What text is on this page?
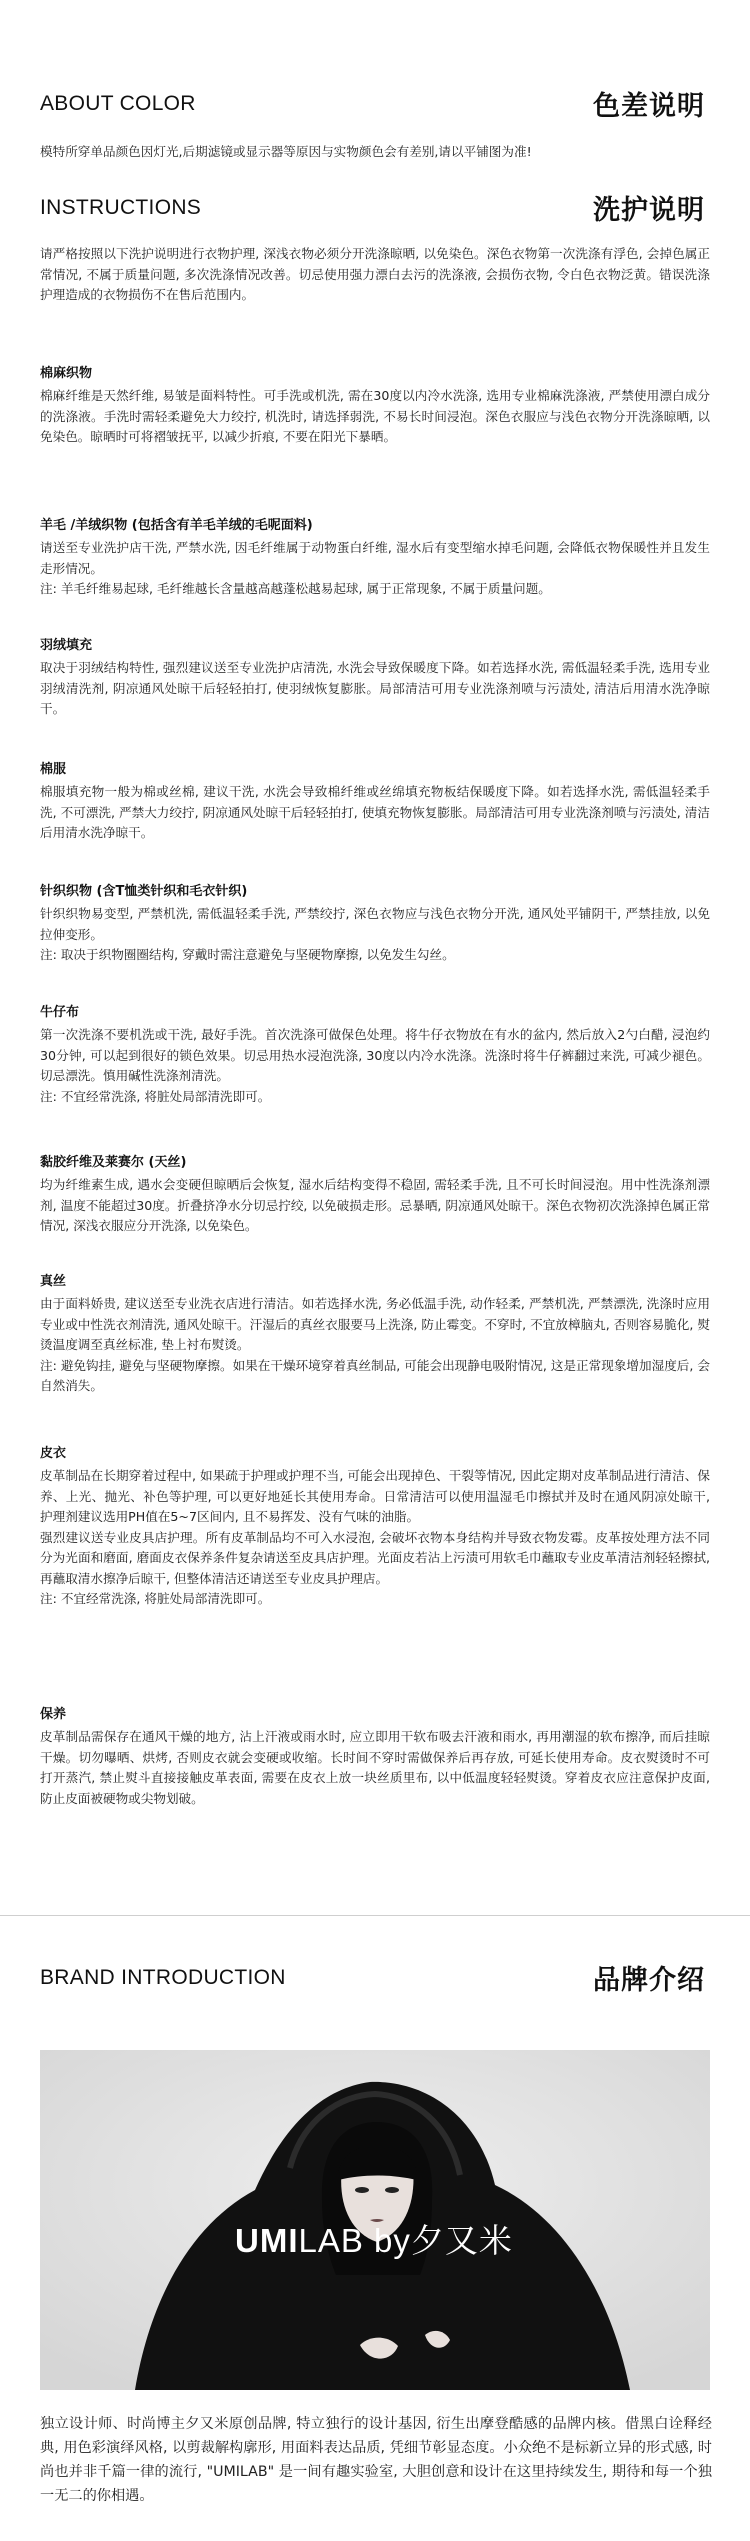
ABOUT COLOR	色差说明

模特所穿单品颜色因灯光,后期滤镜或显示器等原因与实物颜色会有差别,请以平铺图为准!

INSTRUCTIONS	洗护说明

请严格按照以下洗护说明进行衣物护理, 深浅衣物必须分开洗涤晾晒, 以免染色。深色衣物第一次洗涤有浮色, 会掉色属正常情况, 不属于质量问题, 多次洗涤情况改善。切忌使用强力漂白去污的洗涤液, 会损伤衣物, 令白色衣物泛黄。错误洗涤护理造成的衣物损伤不在售后范围内。

棉麻织物

棉麻纤维是天然纤维, 易皱是面料特性。可手洗或机洗, 需在30度以内冷水洗涤, 选用专业棉麻洗涤液, 严禁使用漂白成分的洗涤液。手洗时需轻柔避免大力绞拧, 机洗时, 请选择弱洗, 不易长时间浸泡。深色衣服应与浅色衣物分开洗涤晾晒, 以免染色。晾晒时可将褶皱抚平, 以减少折痕, 不要在阳光下暴晒。

羊毛 /羊绒织物 (包括含有羊毛羊绒的毛呢面料)

请送至专业洗护店干洗, 严禁水洗, 因毛纤维属于动物蛋白纤维, 湿水后有变型缩水掉毛问题, 会降低衣物保暖性并且发生走形情况。
注: 羊毛纤维易起球, 毛纤维越长含量越高越蓬松越易起球, 属于正常现象, 不属于质量问题。

羽绒填充

取决于羽绒结构特性, 强烈建议送至专业洗护店清洗, 水洗会导致保暖度下降。如若选择水洗, 需低温轻柔手洗, 选用专业羽绒清洗剂, 阴凉通风处晾干后轻轻拍打, 使羽绒恢复膨胀。局部清洁可用专业洗涤剂喷与污渍处, 清洁后用清水洗净晾干。

棉服

棉服填充物一般为棉或丝棉, 建议干洗, 水洗会导致棉纤维或丝绵填充物板结保暖度下降。如若选择水洗, 需低温轻柔手洗, 不可漂洗, 严禁大力绞拧, 阴凉通风处晾干后轻轻拍打, 使填充物恢复膨胀。局部清洁可用专业洗涤剂喷与污渍处, 清洁后用清水洗净晾干。

针织织物 (含T恤类针织和毛衣针织)

针织织物易变型, 严禁机洗, 需低温轻柔手洗, 严禁绞拧, 深色衣物应与浅色衣物分开洗, 通风处平铺阴干, 严禁挂放, 以免拉伸变形。
注: 取决于织物圈圈结构, 穿戴时需注意避免与坚硬物摩擦, 以免发生勾丝。

牛仔布

第一次洗涤不要机洗或干洗, 最好手洗。首次洗涤可做保色处理。将牛仔衣物放在有水的盆内, 然后放入2勺白醋, 浸泡约30分钟, 可以起到很好的锁色效果。切忌用热水浸泡洗涤, 30度以内冷水洗涤。洗涤时将牛仔裤翻过来洗, 可减少褪色。切忌漂洗。慎用碱性洗涤剂清洗。
注: 不宜经常洗涤, 将脏处局部清洗即可。

黏胶纤维及莱赛尔 (天丝)

均为纤维素生成, 遇水会变硬但晾晒后会恢复, 湿水后结构变得不稳固, 需轻柔手洗, 且不可长时间浸泡。用中性洗涤剂漂剂, 温度不能超过30度。折叠挤净水分切忌拧绞, 以免破损走形。忌暴晒, 阴凉通风处晾干。深色衣物初次洗涤掉色属正常情况, 深浅衣服应分开洗涤, 以免染色。

真丝

由于面料娇贵, 建议送至专业洗衣店进行清洁。如若选择水洗, 务必低温手洗, 动作轻柔, 严禁机洗, 严禁漂洗, 洗涤时应用专业或中性洗衣剂清洗, 通风处晾干。汗湿后的真丝衣服要马上洗涤, 防止霉变。不穿时, 不宜放樟脑丸, 否则容易脆化, 熨烫温度调至真丝标准, 垫上衬布熨烫。
注: 避免钩挂, 避免与坚硬物摩擦。如果在干燥环境穿着真丝制品, 可能会出现静电吸附情况, 这是正常现象增加湿度后, 会自然消失。

皮衣

皮革制品在长期穿着过程中, 如果疏于护理或护理不当, 可能会出现掉色、干裂等情况, 因此定期对皮革制品进行清洁、保养、上光、抛光、补色等护理, 可以更好地延长其使用寿命。日常清洁可以使用温湿毛巾擦拭并及时在通风阴凉处晾干, 护理剂建议选用PH值在5~7区间内, 且不易挥发、没有气味的油脂。
强烈建议送专业皮具店护理。所有皮革制品均不可入水浸泡, 会破坏衣物本身结构并导致衣物发霉。皮革按处理方法不同分为光面和磨面, 磨面皮衣保养条件复杂请送至皮具店护理。光面皮若沾上污渍可用软毛巾蘸取专业皮革清洁剂轻轻擦拭, 再蘸取清水擦净后晾干, 但整体清洁还请送至专业皮具护理店。
注: 不宜经常洗涤, 将脏处局部清洗即可。

保养

皮革制品需保存在通风干燥的地方, 沾上汗液或雨水时, 应立即用干软布吸去汗液和雨水, 再用潮湿的软布擦净, 而后挂晾干燥。切勿曝晒、烘烤, 否则皮衣就会变硬或收缩。长时间不穿时需做保养后再存放, 可延长使用寿命。皮衣熨烫时不可打开蒸汽, 禁止熨斗直接接触皮革表面, 需要在皮衣上放一块丝质里布, 以中低温度轻轻熨烫。穿着皮衣应注意保护皮面, 防止皮面被硬物或尖物划破。

BRAND INTRODUCTION	品牌介绍
UMILAB by夕又米

独立设计师、时尚博主夕又米原创品牌, 特立独行的设计基因, 衍生出摩登酷感的品牌内核。借黑白诠释经典, 用色彩演绎风格, 以剪裁解构廓形, 用面料表达品质, 凭细节彰显态度。小众绝不是标新立异的形式感, 时尚也并非千篇一律的流行, "UMILAB" 是一间有趣实验室, 大胆创意和设计在这里持续发生, 期待和每一个独一无二的你相遇。
